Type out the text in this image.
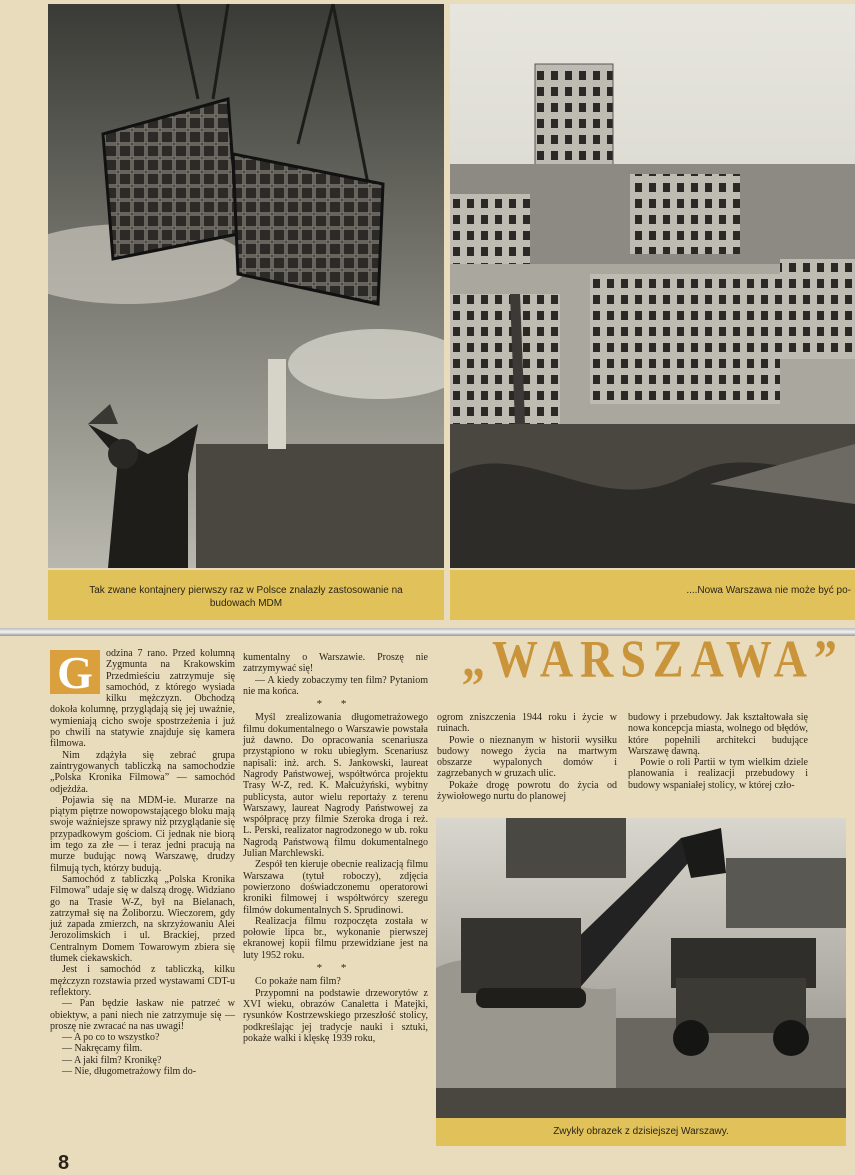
Tak zwane kontajnery pierwszy raz w Polsce znalazły zastosowanie na budowach MDM
....Nowa Warszawa nie może być po-
„WARSZAWA”
G	odzina 7 rano. Przed kolumną Zygmunta na Krakowskim Przedmieściu zatrzymuje się samochód, z którego wysiada kilku mężczyzn. Obchodzą dokoła kolumnę, przyglądają się jej uważnie, wymieniają cicho swoje spostrzeżenia i już po chwili na statywie znajduje się kamera filmowa.

Nim zdążyła się zebrać grupa zaintrygowanych tabliczką na samochodzie „Polska Kronika Filmowa” — samochód odjeżdża.

Pojawia się na MDM-ie. Murarze na piątym piętrze nowopowstającego bloku mają swoje ważniejsze sprawy niż przyglądanie się przypadkowym gościom. Ci jednak nie biorą im tego za złe — i teraz jedni pracują na murze budując nową Warszawę, drudzy filmują tych, którzy budują.

Samochód z tabliczką „Polska Kronika Filmowa” udaje się w dalszą drogę. Widziano go na Trasie W-Z, był na Bielanach, zatrzymał się na Żoliborzu. Wieczorem, gdy już zapada zmierzch, na skrzyżowaniu Alei Jerozolimskich i ul. Brackiej, przed Centralnym Domem Towarowym zbiera się tłumek ciekawskich.

Jest i samochód z tabliczką, kilku mężczyzn rozstawia przed wystawami CDT-u reflektory.

— Pan będzie łaskaw nie patrzeć w obiektyw, a pani niech nie zatrzymuje się — proszę nie zwracać na nas uwagi!

— A po co to wszystko?

— Nakręcamy film.

— A jaki film? Kronikę?

— Nie, długometrażowy film do-

kumentalny o Warszawie. Proszę nie zatrzymywać się!

— A kiedy zobaczymy ten film? Pytaniom nie ma końca.

* *

Myśl zrealizowania długometrażowego filmu dokumentalnego o Warszawie powstała już dawno. Do opracowania scenariusza przystąpiono w roku ubiegłym. Scenariusz napisali: inż. arch. S. Jankowski, laureat Nagrody Państwowej, współtwórca projektu Trasy W-Z, red. K. Małcużyński, wybitny publicysta, autor wielu reportaży z terenu Warszawy, laureat Nagrody Państwowej za współpracę przy filmie Szeroka droga i reż. L. Perski, realizator nagrodzonego w ub. roku Nagrodą Państwową filmu dokumentalnego Julian Marchlewski.

Zespół ten kieruje obecnie realizacją filmu Warszawa (tytuł roboczy), zdjęcia powierzono doświadczonemu operatorowi kroniki filmowej i współtwórcy szeregu filmów dokumentalnych S. Sprudinowi.

Realizacja filmu rozpoczęta została w połowie lipca br., wykonanie pierwszej ekranowej kopii filmu przewidziane jest na luty 1952 roku.

* *

Co pokaże nam film?

Przypomni na podstawie drzeworytów z XVI wieku, obrazów Canaletta i Matejki, rysunków Kostrzewskiego przeszłość stolicy, podkreślając jej tradycje nauki i sztuki, pokaże walki i klęskę 1939 roku,

ogrom zniszczenia 1944 roku i życie w ruinach.

Powie o nieznanym w historii wysiłku budowy nowego życia na martwym obszarze wypalonych domów i zagrzebanych w gruzach ulic.

Pokaże drogę powrotu do życia od żywiołowego nurtu do planowej

budowy i przebudowy. Jak kształtowała się nowa koncepcja miasta, wolnego od błędów, które popełnili architekci budujące Warszawę dawną.

Powie o roli Partii w tym wielkim dziele planowania i realizacji przebudowy i budowy wspaniałej stolicy, w której czło-

Zwykły obrazek z dzisiejszej Warszawy.
8
